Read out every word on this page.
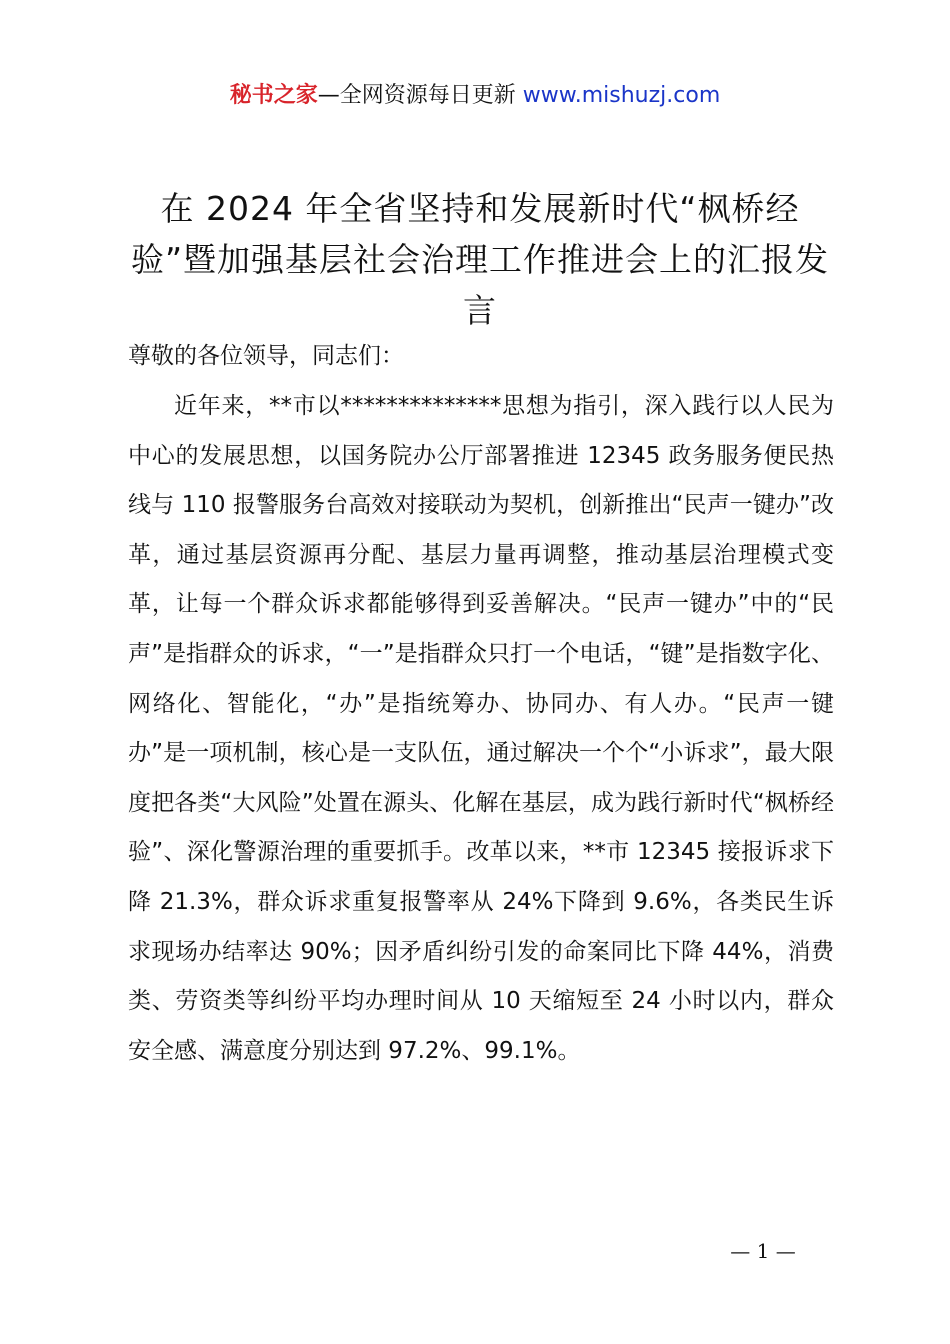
秘书之家—全网资源每日更新 www.mishuzj.com
在 2024 年全省坚持和发展新时代“枫桥经验”暨加强基层社会治理工作推进会上的汇报发言
尊敬的各位领导，同志们：
近年来，**市以**************思想为指引，深入践行以人民为中心的发展思想，以国务院办公厅部署推进 12345 政务服务便民热线与 110 报警服务台高效对接联动为契机，创新推出“民声一键办”改革，通过基层资源再分配、基层力量再调整，推动基层治理模式变革，让每一个群众诉求都能够得到妥善解决。“民声一键办”中的“民声”是指群众的诉求，“一”是指群众只打一个电话，“键”是指数字化、网络化、智能化，“办”是指统筹办、协同办、有人办。“民声一键办”是一项机制，核心是一支队伍，通过解决一个个“小诉求”，最大限度把各类“大风险”处置在源头、化解在基层，成为践行新时代“枫桥经验”、深化警源治理的重要抓手。改革以来，**市 12345 接报诉求下降 21.3%，群众诉求重复报警率从 24%下降到 9.6%，各类民生诉求现场办结率达 90%；因矛盾纠纷引发的命案同比下降 44%，消费类、劳资类等纠纷平均办理时间从 10 天缩短至 24 小时以内，群众安全感、满意度分别达到 97.2%、99.1%。
— 1 —
